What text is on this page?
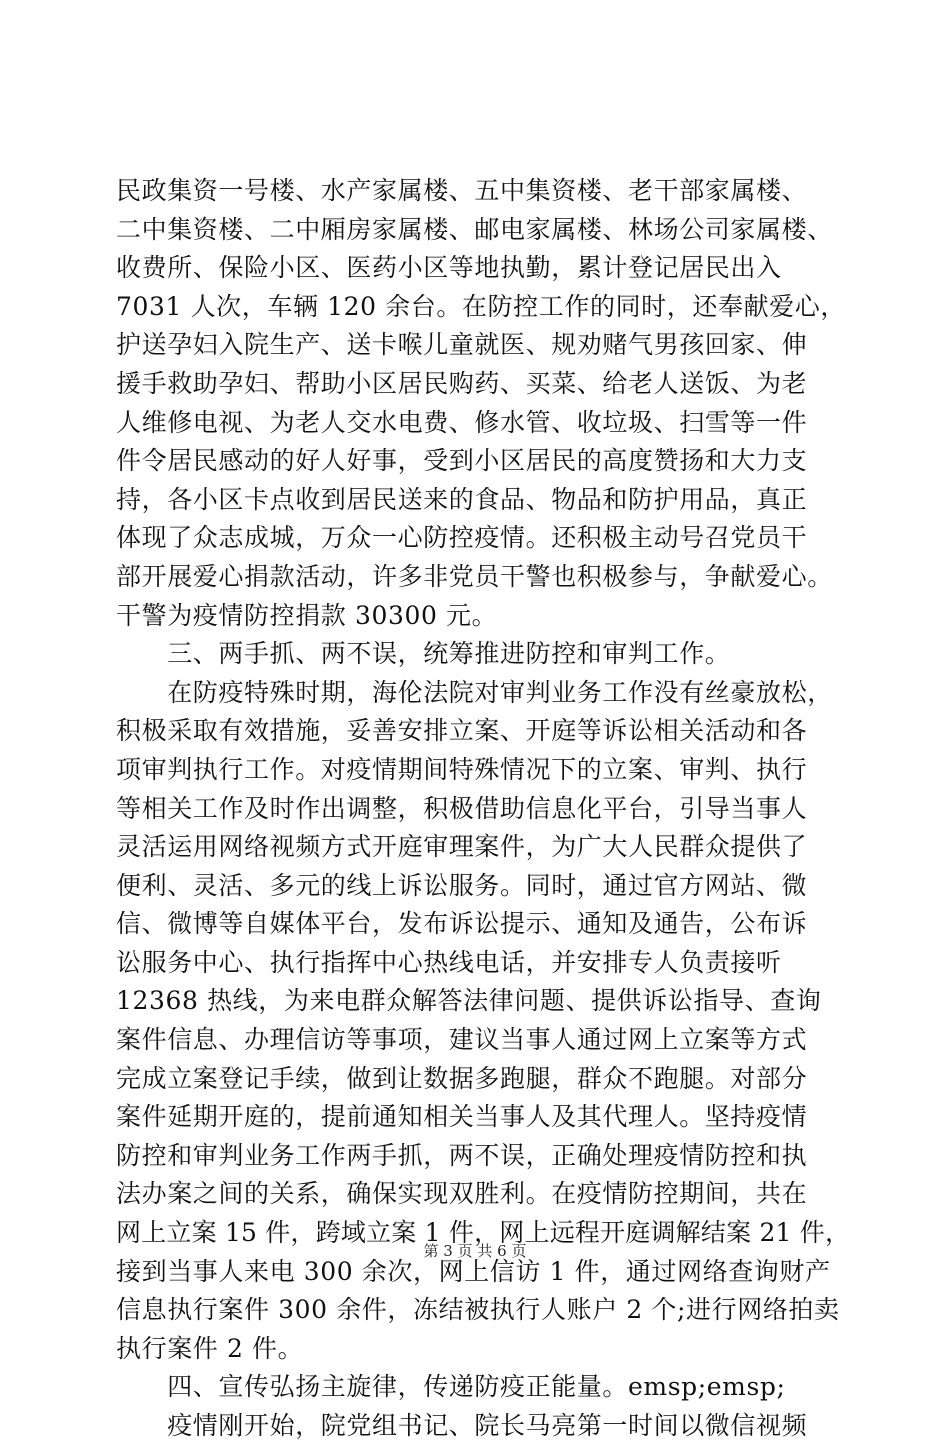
民政集资一号楼、水产家属楼、五中集资楼、老干部家属楼、
二中集资楼、二中厢房家属楼、邮电家属楼、林场公司家属楼、
收费所、保险小区、医药小区等地执勤，累计登记居民出入
7031 人次，车辆 120 余台。在防控工作的同时，还奉献爱心，
护送孕妇入院生产、送卡喉儿童就医、规劝赌气男孩回家、伸
援手救助孕妇、帮助小区居民购药、买菜、给老人送饭、为老
人维修电视、为老人交水电费、修水管、收垃圾、扫雪等一件
件令居民感动的好人好事，受到小区居民的高度赞扬和大力支
持，各小区卡点收到居民送来的食品、物品和防护用品，真正
体现了众志成城，万众一心防控疫情。还积极主动号召党员干
部开展爱心捐款活动，许多非党员干警也积极参与，争献爱心。
干警为疫情防控捐款 30300 元。
　　三、两手抓、两不误，统筹推进防控和审判工作。
　　在防疫特殊时期，海伦法院对审判业务工作没有丝豪放松，
积极采取有效措施，妥善安排立案、开庭等诉讼相关活动和各
项审判执行工作。对疫情期间特殊情况下的立案、审判、执行
等相关工作及时作出调整，积极借助信息化平台，引导当事人
灵活运用网络视频方式开庭审理案件，为广大人民群众提供了
便利、灵活、多元的线上诉讼服务。同时，通过官方网站、微
信、微博等自媒体平台，发布诉讼提示、通知及通告，公布诉
讼服务中心、执行指挥中心热线电话，并安排专人负责接听
12368 热线，为来电群众解答法律问题、提供诉讼指导、查询
案件信息、办理信访等事项，建议当事人通过网上立案等方式
完成立案登记手续，做到让数据多跑腿，群众不跑腿。对部分
案件延期开庭的，提前通知相关当事人及其代理人。坚持疫情
防控和审判业务工作两手抓，两不误，正确处理疫情防控和执
法办案之间的关系，确保实现双胜利。在疫情防控期间，共在
网上立案 15 件，跨域立案 1 件，网上远程开庭调解结案 21 件，
接到当事人来电 300 余次，网上信访 1 件，通过网络查询财产
信息执行案件 300 余件，冻结被执行人账户 2 个;进行网络拍卖
执行案件 2 件。
　　四、宣传弘扬主旋律，传递防疫正能量。emsp;emsp;
　　疫情刚开始，院党组书记、院长马亮第一时间以微信视频
第 3 页 共 6 页
